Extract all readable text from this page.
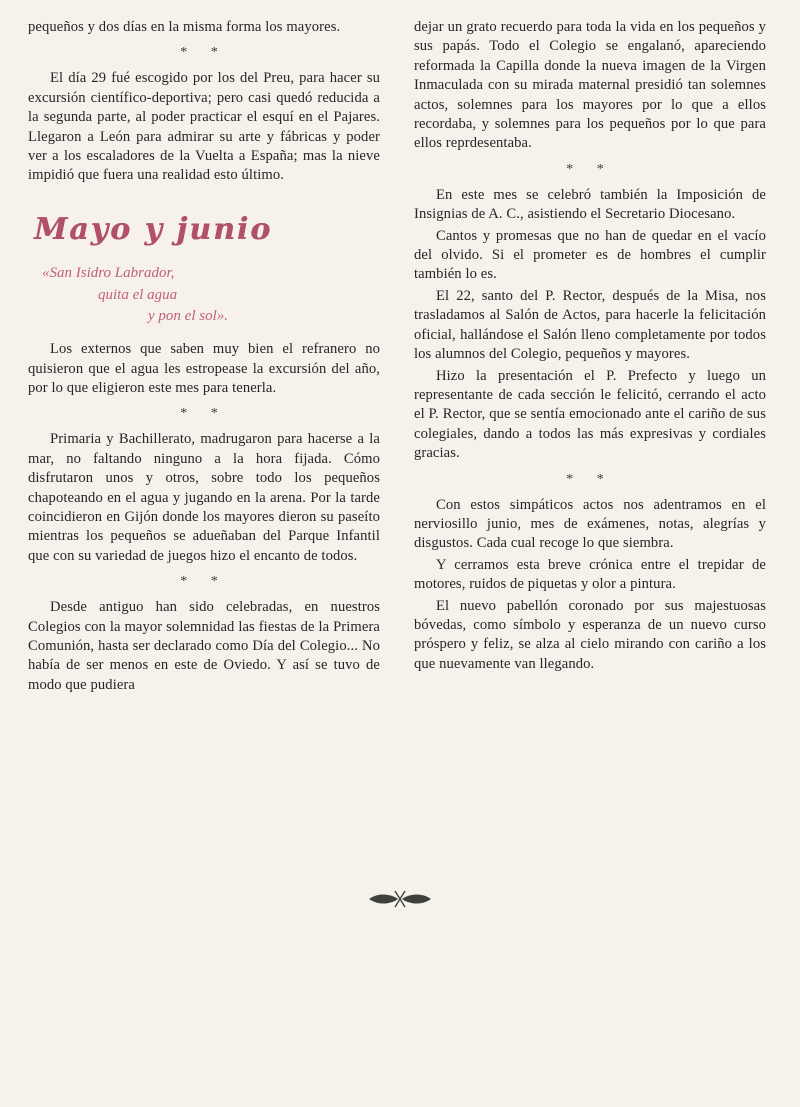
pequeños y dos días en la misma forma los mayores.

* *

El día 29 fué escogido por los del Preu, para hacer su excursión científico-deportiva; pero casi quedó reducida a la segunda parte, al poder practicar el esquí en el Pajares. Llegaron a León para admirar su arte y fábricas y poder ver a los escaladores de la Vuelta a España; mas la nieve impidió que fuera una realidad esto último.

Mayo y junio
«San Isidro Labrador,
quita el agua
y pon el sol».

Los externos que saben muy bien el refranero no quisieron que el agua les estropease la excursión del año, por lo que eligieron este mes para tenerla.

* *

Primaria y Bachillerato, madrugaron para hacerse a la mar, no faltando ninguno a la hora fijada. Cómo disfrutaron unos y otros, sobre todo los pequeños chapoteando en el agua y jugando en la arena. Por la tarde coincidieron en Gijón donde los mayores dieron su paseíto mientras los pequeños se adueñaban del Parque Infantil que con su variedad de juegos hizo el encanto de todos.

* *

Desde antiguo han sido celebradas, en nuestros Colegios con la mayor solemnidad las fiestas de la Primera Comunión, hasta ser declarado como Día del Colegio... No había de ser menos en este de Oviedo. Y así se tuvo de modo que pudiera

dejar un grato recuerdo para toda la vida en los pequeños y sus papás. Todo el Colegio se engalanó, apareciendo reformada la Capilla donde la nueva imagen de la Virgen Inmaculada con su mirada maternal presidió tan solemnes actos, solemnes para los mayores por lo que a ellos recordaba, y solemnes para los pequeños por lo que para ellos reprdesentaba.

* *

En este mes se celebró también la Imposición de Insignias de A. C., asistiendo el Secretario Diocesano.

Cantos y promesas que no han de quedar en el vacío del olvido. Si el prometer es de hombres el cumplir también lo es.

El 22, santo del P. Rector, después de la Misa, nos trasladamos al Salón de Actos, para hacerle la felicitación oficial, hallándose el Salón lleno completamente por todos los alumnos del Colegio, pequeños y mayores.

Hizo la presentación el P. Prefecto y luego un representante de cada sección le felicitó, cerrando el acto el P. Rector, que se sentía emocionado ante el cariño de sus colegiales, dando a todos las más expresivas y cordiales gracias.

* *

Con estos simpáticos actos nos adentramos en el nerviosillo junio, mes de exámenes, notas, alegrías y disgustos. Cada cual recoge lo que siembra.

Y cerramos esta breve crónica entre el trepidar de motores, ruidos de piquetas y olor a pintura.

El nuevo pabellón coronado por sus majestuosas bóvedas, como símbolo y esperanza de un nuevo curso próspero y feliz, se alza al cielo mirando con cariño a los que nuevamente van llegando.
